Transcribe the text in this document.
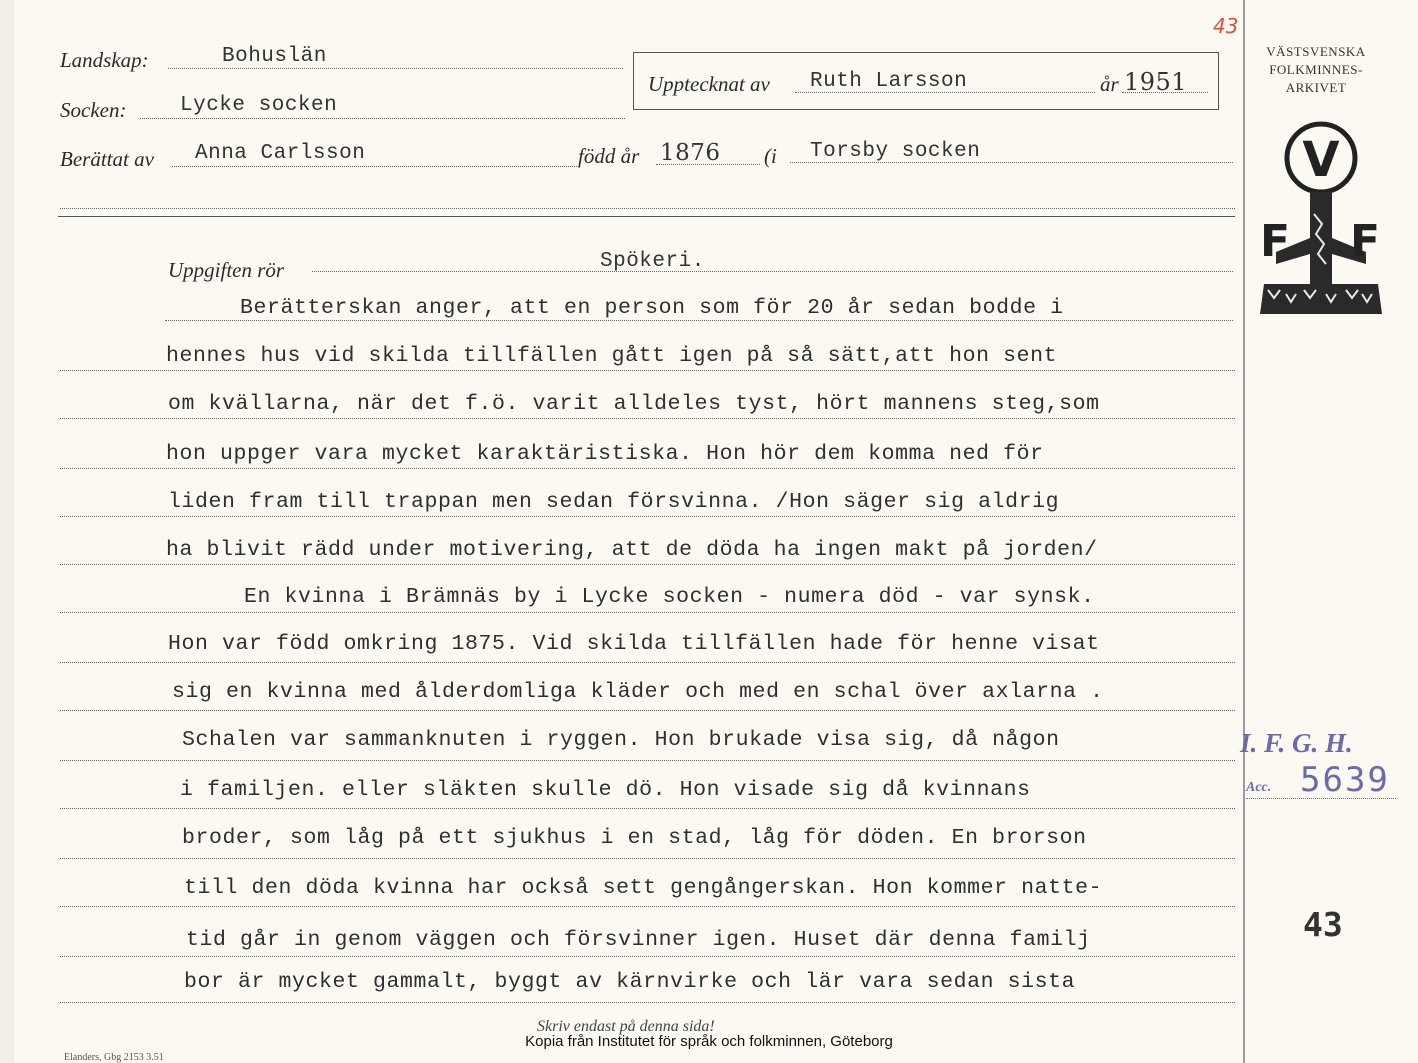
43
Landskap:	Bohuslän
Socken:	Lycke socken
Upptecknat av Ruth Larsson	år 1951
Berättat av Anna Carlsson	född år 1876 (i Torsby socken
Uppgiften rör	Spökeri.
Berätterskan anger, att en person som för 20 år sedan bodde i
hennes hus vid skilda tillfällen gått igen på så sätt,att hon sent
om kvällarna, när det f.ö. varit alldeles tyst, hört mannens steg,som
hon uppger vara mycket karaktäristiska. Hon hör dem komma ned för
liden fram till trappan men sedan försvinna. /Hon säger sig aldrig
ha blivit rädd under motivering, att de döda ha ingen makt på jorden/
En kvinna i Brämnäs by i Lycke socken - numera död - var synsk.
Hon var född omkring 1875. Vid skilda tillfällen hade för henne visat
sig en kvinna med ålderdomliga kläder och med en schal över axlarna .
Schalen var sammanknuten i ryggen. Hon brukade visa sig, då någon
i familjen. eller släkten skulle dö. Hon visade sig då kvinnans
broder, som låg på ett sjukhus i en stad, låg för döden. En brorson
till den döda kvinna har också sett gengångerskan. Hon kommer natte-
tid går in genom väggen och försvinner igen. Huset där denna familj
bor är mycket gammalt, byggt av kärnvirke och lär vara sedan sista
VÄSTSVENSKA
FOLKMINNES-
ARKIVET
V
F F
I. F. G. H.
Acc. 5639
43
Skriv endast på denna sida!
Kopia från Institutet för språk och folkminnen, Göteborg
Elanders, Gbg 2153 3.51
